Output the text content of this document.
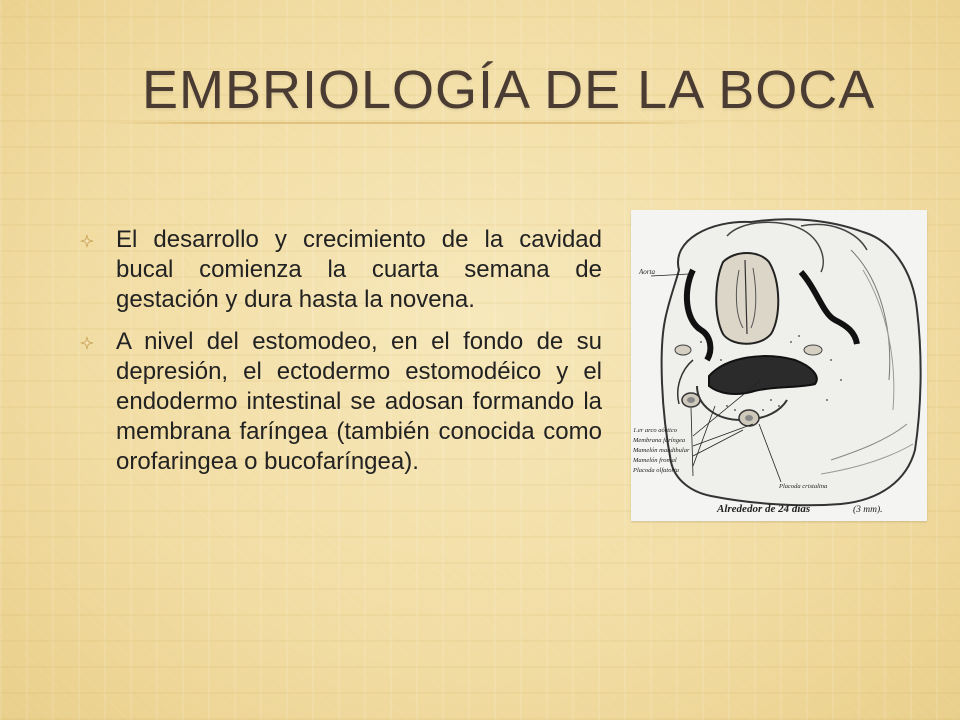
EMBRIOLOGÍA DE LA BOCA
El desarrollo y crecimiento de la cavidad bucal comienza la cuarta semana de gestación y dura hasta la novena.
A nivel del estomodeo, en el fondo de su depresión, el ectodermo estomodéico y el endodermo intestinal se adosan formando la membrana faríngea (también conocida como orofaringea o bucofaríngea).
Aorta
1.er arco aórtico
Membrana faríngea
Mamelón mandibular
Mamelón frontal
Placoda olfatoria
Placoda cristalina
Alrededor de 24 días	(3 mm).
